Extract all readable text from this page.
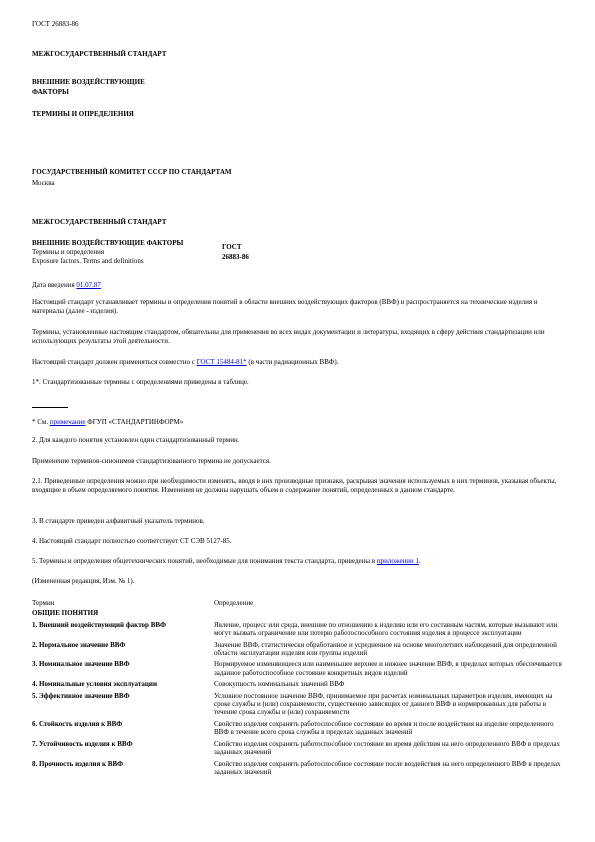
ГОСТ 26883-86
МЕЖГОСУДАРСТВЕННЫЙ СТАНДАРТ
ВНЕШНИЕ ВОЗДЕЙСТВУЮЩИЕ
ФАКТОРЫ
ТЕРМИНЫ И ОПРЕДЕЛЕНИЯ
ГОСУДАРСТВЕННЫЙ КОМИТЕТ СССР ПО СТАНДАРТАМ
Москва
МЕЖГОСУДАРСТВЕННЫЙ СТАНДАРТ
ВНЕШНИЕ ВОЗДЕЙСТВУЮЩИЕ ФАКТОРЫ
Термины и определения
Exposure factors. Terms and definitions
ГОСТ
26883-86
Дата введения 01.07.87
Настоящий стандарт устанавливает термины и определения понятий в области внешних воздействующих факторов (ВВФ) и распространяется на технические изделия и материалы (далее - изделия).
Термины, установленные настоящим стандартом, обязательны для применения во всех видах документации и литературы, входящих в сферу действия стандартизации или использующих результаты этой деятельности.
Настоящий стандарт должен применяться совместно с ГОСТ 15484-81* (в части радиационных ВВФ).
1*. Стандартизованные термины с определениями приведены в таблице.
* См. примечание ФГУП «СТАНДАРТИНФОРМ»
2. Для каждого понятия установлен один стандартизованный термин.
Применение терминов-синонимов стандартизованного термина не допускается.
2.1. Приведенные определения можно при необходимости изменять, вводя в них производные признаки, раскрывая значения используемых в них терминов, указывая объекты, входящие в объем определяемого понятия. Изменения не должны нарушать объем и содержание понятий, определенных в данном стандарте.
3. В стандарте приведен алфавитный указатель терминов.
4. Настоящий стандарт полностью соответствует СТ СЭВ 5127-85.
5. Термины и определения общетехнических понятий, необходимые для понимания текста стандарта, приведены в приложении 1.
(Измененная редакция, Изм. № 1).
Термин	Определение
ОБЩИЕ ПОНЯТИЯ	
1. Внешний воздействующий фактор ВВФ	Явление, процесс или среда, внешние по отношению к изделию или его составным частям, которые вызывают или могут вызвать ограничение или потерю работоспособного состояния изделия в процессе эксплуатации
2. Нормальное значение ВВФ	Значение ВВФ, статистически обработанное и усредненное на основе многолетних наблюдений для определенной области эксплуатации изделия или группы изделий
3. Номинальное значение ВВФ	Нормируемое изменяющееся или наименьшее верхнее и нижнее значение ВВФ, в пределах которых обеспечивается заданное работоспособное состояние конкретных видов изделий
4. Номинальные условия эксплуатации	Совокупность номинальных значений ВВФ
5. Эффективное значение ВВФ	Условное постоянное значение ВВФ, принимаемое при расчетах номинальных параметров изделия, имеющих на сроке службы и (или) сохраняемости, существенно зависящих от данного ВВФ и нормированных для работы в течение срока службы и (или) сохраняемости
6. Стойкость изделия к ВВФ	Свойство изделия сохранять работоспособное состояние во время и после воздействия на изделие определенного ВВФ в течение всего срока службы в пределах заданных значений
7. Устойчивость изделия к ВВФ	Свойство изделия сохранять работоспособное состояние во время действия на него определенного ВВФ в пределах заданных значений
8. Прочность изделия к ВВФ	Свойство изделия сохранять работоспособное состояние после воздействия на него определенного ВВФ в пределах заданных значений
